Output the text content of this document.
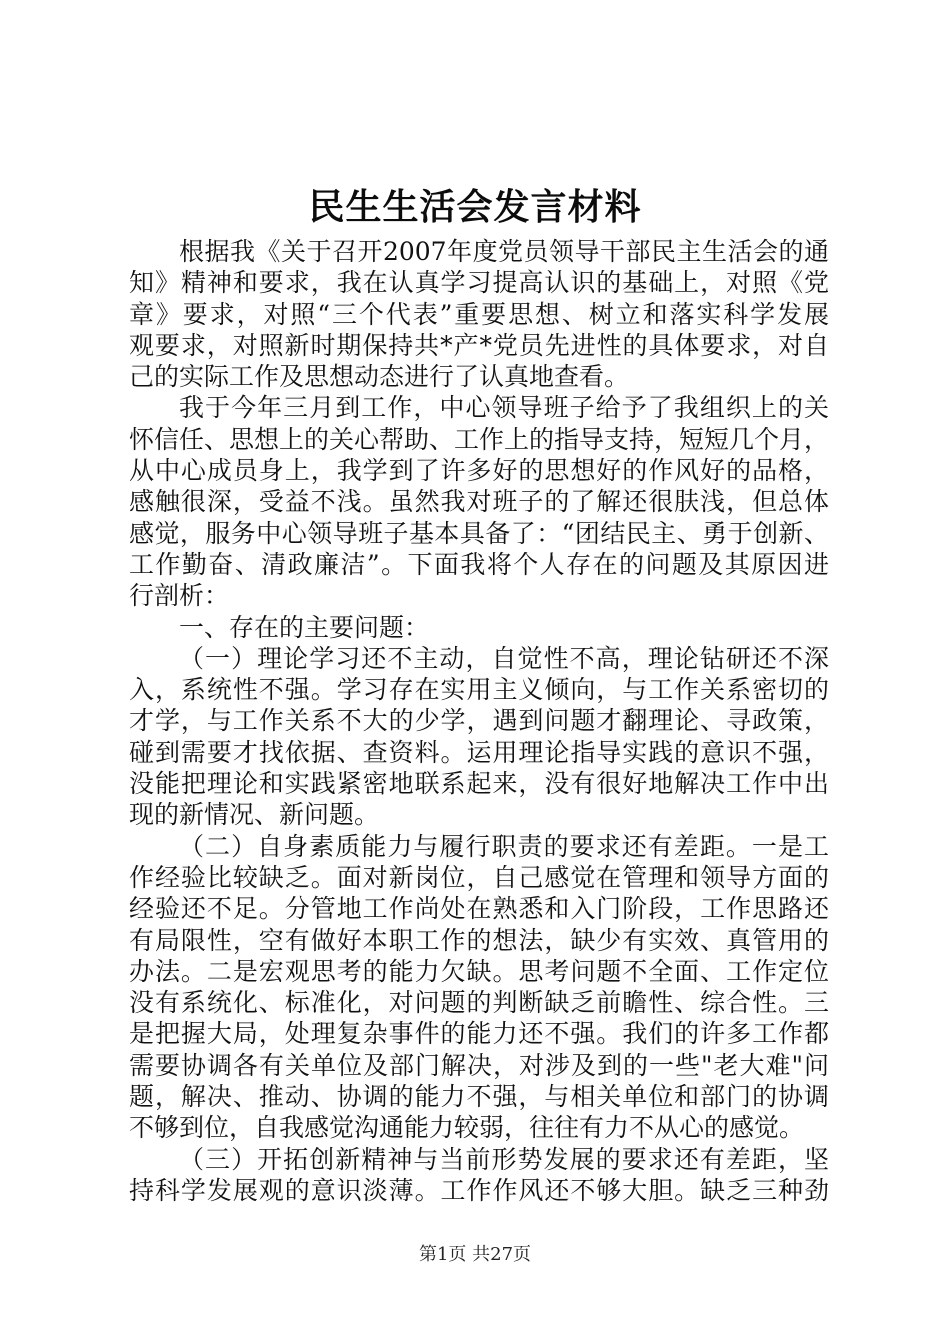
民生生活会发言材料
根据我《关于召开2007年度党员领导干部民主生活会的通
知》精神和要求，我在认真学习提高认识的基础上，对照《党
章》要求，对照“三个代表”重要思想、树立和落实科学发展
观要求，对照新时期保持共*产*党员先进性的具体要求，对自
己的实际工作及思想动态进行了认真地查看。
我于今年三月到工作，中心领导班子给予了我组织上的关
怀信任、思想上的关心帮助、工作上的指导支持，短短几个月，
从中心成员身上，我学到了许多好的思想好的作风好的品格，
感触很深，受益不浅。虽然我对班子的了解还很肤浅，但总体
感觉，服务中心领导班子基本具备了：“团结民主、勇于创新、
工作勤奋、清政廉洁”。下面我将个人存在的问题及其原因进
行剖析：
一、存在的主要问题：
（一）理论学习还不主动，自觉性不高，理论钻研还不深
入，系统性不强。学习存在实用主义倾向，与工作关系密切的
才学，与工作关系不大的少学，遇到问题才翻理论、寻政策，
碰到需要才找依据、查资料。运用理论指导实践的意识不强，
没能把理论和实践紧密地联系起来，没有很好地解决工作中出
现的新情况、新问题。
（二）自身素质能力与履行职责的要求还有差距。一是工
作经验比较缺乏。面对新岗位，自己感觉在管理和领导方面的
经验还不足。分管地工作尚处在熟悉和入门阶段，工作思路还
有局限性，空有做好本职工作的想法，缺少有实效、真管用的
办法。二是宏观思考的能力欠缺。思考问题不全面、工作定位
没有系统化、标准化，对问题的判断缺乏前瞻性、综合性。三
是把握大局，处理复杂事件的能力还不强。我们的许多工作都
需要协调各有关单位及部门解决，对涉及到的一些"老大难"问
题，解决、推动、协调的能力不强，与相关单位和部门的协调
不够到位，自我感觉沟通能力较弱，往往有力不从心的感觉。
（三）开拓创新精神与当前形势发展的要求还有差距，坚
持科学发展观的意识淡薄。工作作风还不够大胆。缺乏三种劲
第1页 共27页
